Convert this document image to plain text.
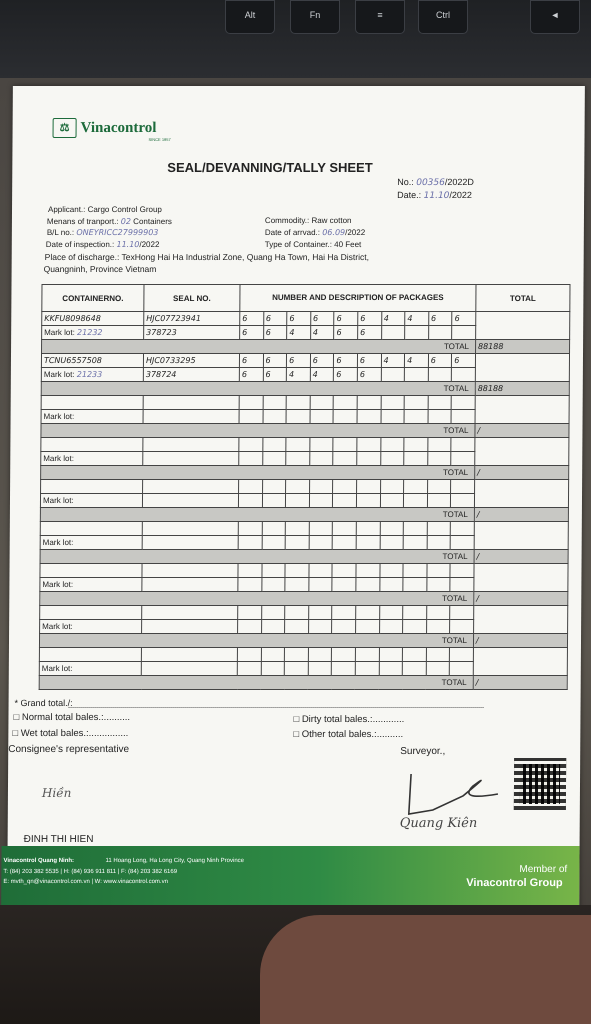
Alt	Fn	≡	Ctrl	◄
⚖ Vinacontrol
SINCE 1957
SEAL/DEVANNING/TALLY SHEET
No.: 00356/2022D
Date.: 11.10/2022
Applicant.: Cargo Control Group
Menans of tranport.: 02 Containers
B/L no.: ONEYRICC27999903
Date of inspection.: 11.10/2022
Commodity.: Raw cotton
Date of arrvad.: 06.09/2022
Type of Container.: 40 Feet
Place of discharge.: TexHong Hai Ha Industrial Zone, Quang Ha Town, Hai Ha District,
Quangninh, Province Vietnam
CONTAINERNO.	SEAL NO.	NUMBER AND DESCRIPTION OF PACKAGES										TOTAL
KKFU8098648	HJC07723941	6	6	6	6	6	6	4	4	6	6	
Mark lot: 21232	378723	6	6	4	4	6	6					
TOTAL												88188
TCNU6557508	HJC0733295	6	6	6	6	6	6	4	4	6	6	
Mark lot: 21233	378724	6	6	4	4	6	6					
TOTAL												88188

Mark lot:												
TOTAL												/

Mark lot:												
TOTAL												/

Mark lot:												
TOTAL												/

Mark lot:												
TOTAL												/

Mark lot:												
TOTAL												/

Mark lot:												
TOTAL												/

Mark lot:												
TOTAL												/
* Grand total./:
□ Normal total bales.:..........
□ Wet total bales.:...............
□ Dirty total bales.:............
□ Other total bales.:..........
Consignee's representative	Surveyor.,
Hiền
Quang Kiên
ĐINH THI HIEN
Vinacontrol Quang Ninh:	11 Hoang Long, Ha Long City, Quang Ninh Province
T: (84) 203 382 5535 | H: (84) 936 911 811 | F: (84) 203 382 6169
E: mvth_qn@vinacontrol.com.vn | W: www.vinacontrol.com.vn
Member of
Vinacontrol Group
